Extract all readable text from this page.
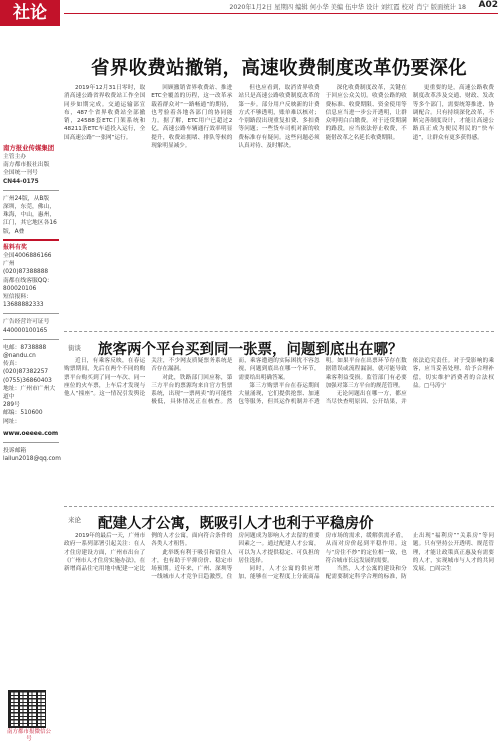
社论	2020年1月2日 星期四 编辑 何小华 美编 伍中华 设计 刘红霞 校对 肖宁 版面统计 18 A02
南方报业传媒集团
主管主办
南方都市报社出版
全国统一刊号
CN44-0175
广州24版，从B版
深圳，东莞，佛山，珠海，中山，惠州，江门，其它地区各16版，A叠
报料有奖
全国4006886166
广州(020)87388888
南都在线客服QQ：
800020106
短信报料：
13688882333
广告经营许可证号
440000100165
电邮：8738888
@nandu.cn
传真：(020)87382257
(0755)36860403
地址：广州市广州大道中
289号
邮编：510600
网址：
www.oeeee.com
投诉邮箱
lailun2018@qq.com
南方都市报微信公号
省界收费站撤销，高速收费制度改革仍要深化

2019年12月31日零时，取消高速公路省界收费站工作全国同步如期完成。交通运输部宣布，487个省界收费站全部撤销，24588套ETC门架系统和48211条ETC车道投入运行，全国高速公路“一张网”运行。

回顾撤销省界收费站、推进ETC全覆盖的历程，这一改革承载着群众对“一路畅通”的期待，也考验着各地各部门的协同能力。据了解，ETC用户已超过2亿，高速公路车辆通行效率明显提升，收费站拥堵、排队等候的现象明显减少。

但也应看到，取消省界收费站只是高速公路收费制度改革的第一步。部分用户反映新的计费方式不够透明，账单难以核对；个别路段出现重复扣费、多扣费等问题；一些货车司机对新的收费标准存有疑问。这些问题必须认真对待、及时解决。

深化收费制度改革，关键在于回应公众关切。收费公路的收费标准、收费期限、资金使用等信息应当进一步公开透明，让群众明明白白缴费。对于还贷期满的路段，应当依法停止收费，不能借改革之名延长收费期限。

更重要的是，高速公路收费制度改革涉及交通、财政、发改等多个部门，需要统筹推进、协调配合。只有持续深化改革，不断完善制度设计，才能让高速公路真正成为便民利民的“快车道”，让群众有更多获得感。

街谈 旅客两个平台买到同一张票，问题到底出在哪？

近日，有乘客反映，在春运购票期间，先后在两个不同的购票平台购买到了同一车次、同一座位的火车票，上车后才发现与他人“撞座”。这一情况引发舆论关注，不少网友质疑票务系统是否存在漏洞。

对此，铁路部门回应称，第三方平台的票源均来自官方售票系统，出现“一票两卖”的可能性极低，具体情况正在核查。然而，乘客遭遇的实际困扰不容忽视，问题到底出在哪一个环节，需要给出明确答案。

第三方购票平台在春运期间大量涌现，它们提供抢票、加速包等服务，但其运作机制并不透明。如果平台在出票环节存在数据错误或流程漏洞，就可能导致乘客利益受损。监管部门有必要加强对第三方平台的规范管理。

无论问题出在哪一方，都应当尽快查明原因、公开结果，并依法追究责任。对于受影响的乘客，应当妥善处理、给予合理补偿，切实维护消费者的合法权益。□马涛宁

来论 配建人才公寓，既吸引人才也利于平稳房价

2019年的最后一天，广州市政府一系列部署引起关注：在人才住房建设方面，广州市出台了《广州市人才住房实施办法》，在新增商品住宅用地中配建一定比例的人才公寓，面向符合条件的各类人才租售。

此举既有利于吸引和留住人才，也有助于平抑房价、稳定市场预期。近年来，广州、深圳等一线城市人才竞争日趋激烈，住房问题成为影响人才去留的重要因素之一。通过配建人才公寓，可以为人才提供稳定、可负担的居住选择。

同时，人才公寓的供应增加，能够在一定程度上分流商品房市场的需求，缓解供需矛盾，从而对房价起到平稳作用。这与“房住不炒”的定位相一致，也符合城市长远发展的需要。

当然，人才公寓的建设和分配需要制定科学合理的标准，防止出现“福利房”“关系房”等问题。只有坚持公开透明、规范管理，才能让政策真正惠及有需要的人才，实现城市与人才的共同发展。□周宗生
